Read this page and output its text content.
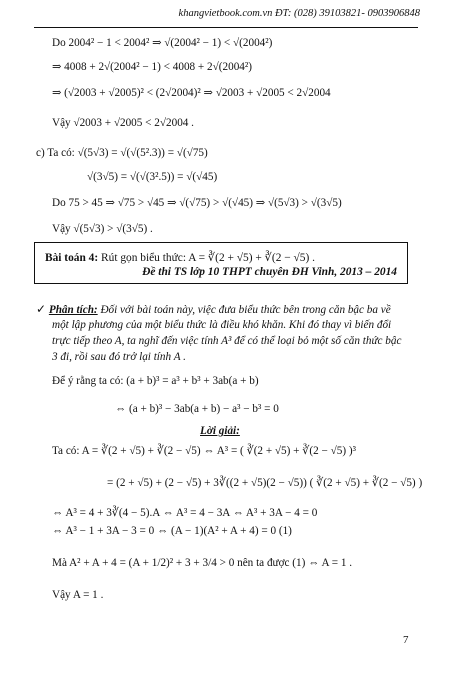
khangvietbook.com.vn ĐT: (028) 39103821- 0903906848
Do 2004² − 1 < 2004² ⇒ √(2004² − 1) < √(2004²)
⇒ 4008 + 2√(2004² − 1) < 4008 + 2√(2004²)
⇒ (√2003 + √2005)² < (2√2004)² ⇒ √2003 + √2005 < 2√2004
Vậy √2003 + √2005 < 2√2004 .
c) Ta có: √(5√3) = √(√(5².3)) = √(√75)
√(3√5) = √(√(3².5)) = √(√45)
Do 75 > 45 ⇒ √75 > √45 ⇒ √(√75) > √(√45) ⇒ √(5√3) > √(3√5)
Vậy √(5√3) > √(3√5) .
Bài toán 4: Rút gọn biểu thức: A = ∛(2 + √5) + ∛(2 − √5) .
Đề thi TS lớp 10 THPT chuyên ĐH Vinh, 2013 – 2014
✓ Phân tích: Đối với bài toán này, việc đưa biểu thức bên trong căn bậc ba về
một lập phương của một biểu thức là điều khó khăn. Khi đó thay vì biến đổi
trực tiếp theo A, ta nghĩ đến việc tính A³ để có thể loại bỏ một số căn thức bậc
3 đi, rồi sau đó trở lại tính A .
Để ý rằng ta có: (a + b)³ = a³ + b³ + 3ab(a + b)
⇔ (a + b)³ − 3ab(a + b) − a³ − b³ = 0
Lời giải:
Ta có: A = ∛(2 + √5) + ∛(2 − √5) ⇔ A³ = ( ∛(2 + √5) + ∛(2 − √5) )³
= (2 + √5) + (2 − √5) + 3∛((2 + √5)(2 − √5)) ( ∛(2 + √5) + ∛(2 − √5) )
⇔ A³ = 4 + 3∛(4 − 5).A ⇔ A³ = 4 − 3A ⇔ A³ + 3A − 4 = 0
⇔ A³ − 1 + 3A − 3 = 0 ⇔ (A − 1)(A² + A + 4) = 0 (1)
Mà A² + A + 4 = (A + 1/2)² + 3 + 3/4 > 0 nên ta được (1) ⇔ A = 1 .
Vậy A = 1 .
7
